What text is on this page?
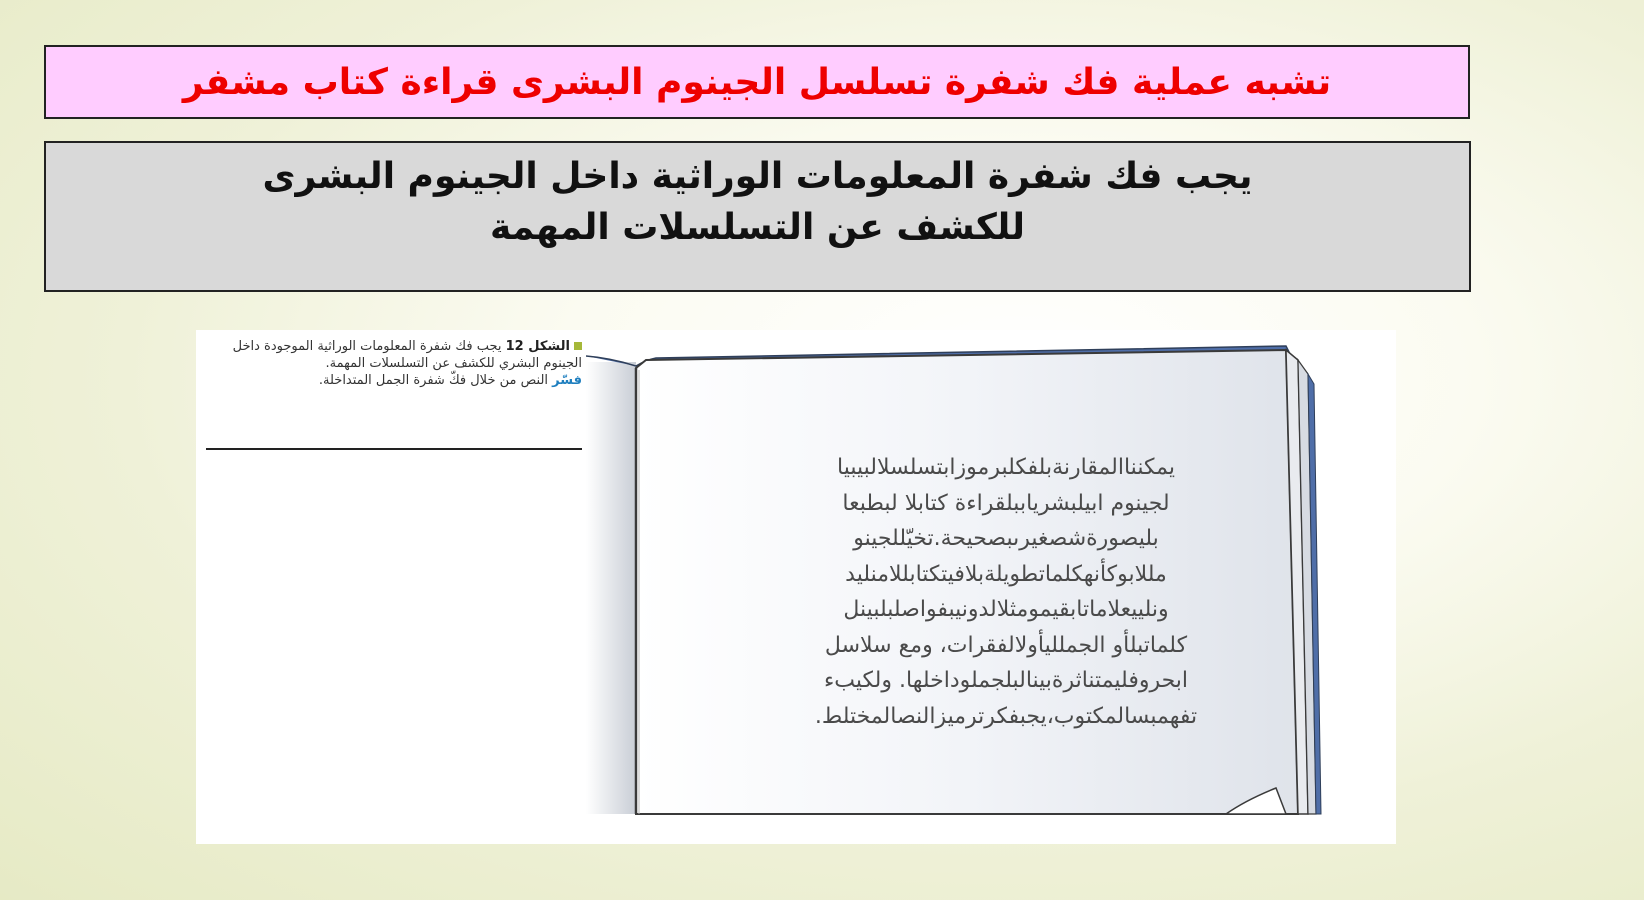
تشبه عملية فك شفرة تسلسل الجينوم البشرى قراءة كتاب مشفر
يجب فك شفرة المعلومات الوراثية داخل الجينوم البشرى
للكشف عن التسلسلات المهمة
الشكل 12 يجب فك شفرة المعلومات الوراثية الموجودة داخل الجينوم البشري للكشف عن التسلسلات المهمة.
فسّر النص من خلال فكّ شفرة الجمل المتداخلة.
يمكنناالمقارنةبلفكلبرموزابتسلسلالبيبيا
لجينوم ابيلبشرياببلقراءة كتابلا لبطبعا
بليصورةشصغيرىبصحيحة.تخيّللجينو
مللابوكأنهكلماتطويلةبلافيتكتابللامنليد
ونلييعلاماتابقيمومثلالدونيبفواصلبلبينل
كلماتبلأو الجملليأولالفقرات، ومع سلاسل
ابحروفليمتناثرةبينالبلجملوداخلها. ولكيبء
تفهمبسالمكتوب،يجبفكرترميزالنصالمختلط.
